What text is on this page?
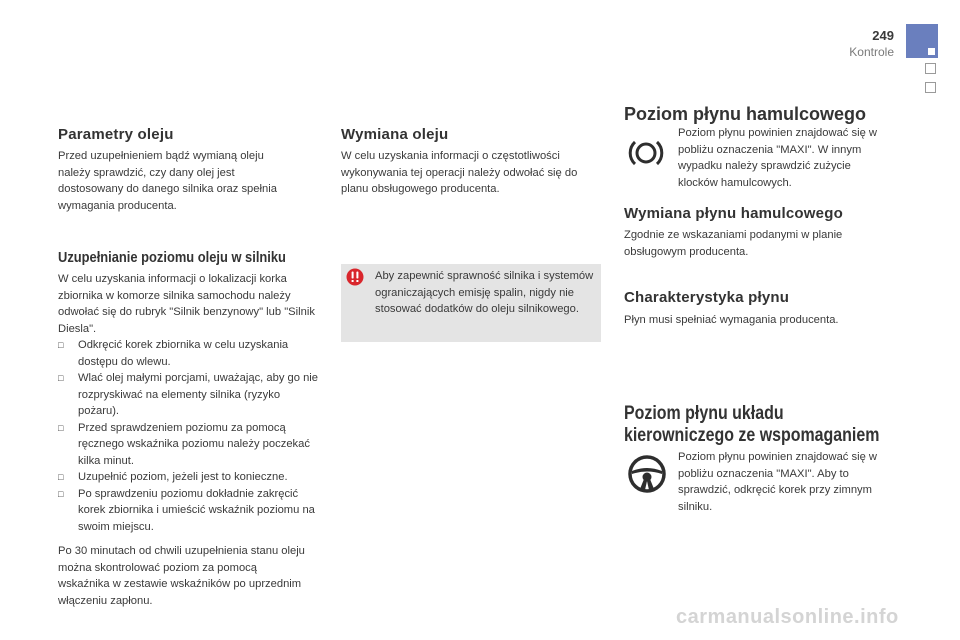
249
Kontrole
Parametry oleju

Przed uzupełnieniem bądź wymianą oleju należy sprawdzić, czy dany olej jest dostosowany do danego silnika oraz spełnia wymagania producenta.

Uzupełnianie poziomu oleju w silniku

W celu uzyskania informacji o lokalizacji korka zbiornika w komorze silnika samochodu należy odwołać się do rubryk "Silnik benzynowy" lub "Silnik Diesla".

□ Odkręcić korek zbiornika w celu uzyskania dostępu do wlewu.
□ Wlać olej małymi porcjami, uważając, aby go nie rozpryskiwać na elementy silnika (ryzyko pożaru).
□ Przed sprawdzeniem poziomu za pomocą ręcznego wskaźnika poziomu należy poczekać kilka minut.
□ Uzupełnić poziom, jeżeli jest to konieczne.
□ Po sprawdzeniu poziomu dokładnie zakręcić korek zbiornika i umieścić wskaźnik poziomu na swoim miejscu.

Po 30 minutach od chwili uzupełnienia stanu oleju można skontrolować poziom za pomocą wskaźnika w zestawie wskaźników po uprzednim włączeniu zapłonu.

Wymiana oleju

W celu uzyskania informacji o częstotliwości wykonywania tej operacji należy odwołać się do planu obsługowego producenta.

Aby zapewnić sprawność silnika i systemów ograniczających emisję spalin, nigdy nie stosować dodatków do oleju silnikowego.

Poziom płynu hamulcowego

Poziom płynu powinien znajdować się w pobliżu oznaczenia "MAXI". W innym wypadku należy sprawdzić zużycie klocków hamulcowych.

Wymiana płynu hamulcowego

Zgodnie ze wskazaniami podanymi w planie obsługowym producenta.

Charakterystyka płynu

Płyn musi spełniać wymagania producenta.

Poziom płynu układu
kierowniczego ze wspomaganiem

Poziom płynu powinien znajdować się w pobliżu oznaczenia "MAXI". Aby to sprawdzić, odkręcić korek przy zimnym silniku.

carmanualsonline.info
